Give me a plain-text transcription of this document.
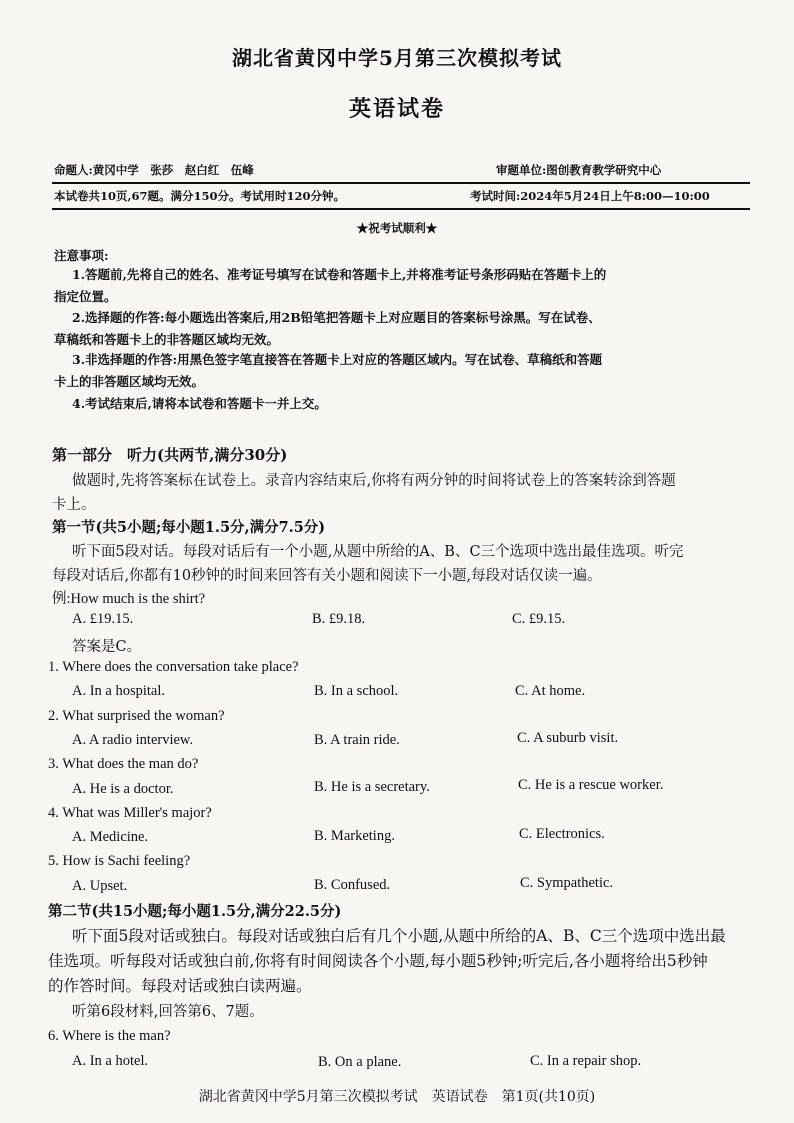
湖北省黄冈中学5月第三次模拟考试
英语试卷
命题人:黄冈中学　张莎　赵白红　伍峰	审题单位:图创教育教学研究中心
本试卷共10页,67题。满分150分。考试用时120分钟。	考试时间:2024年5月24日上午8:00—10:00
★祝考试顺利★
注意事项:
1.答题前,先将自己的姓名、准考证号填写在试卷和答题卡上,并将准考证号条形码贴在答题卡上的
指定位置。
2.选择题的作答:每小题选出答案后,用2B铅笔把答题卡上对应题目的答案标号涂黑。写在试卷、
草稿纸和答题卡上的非答题区域均无效。
3.非选择题的作答:用黑色签字笔直接答在答题卡上对应的答题区域内。写在试卷、草稿纸和答题
卡上的非答题区域均无效。
4.考试结束后,请将本试卷和答题卡一并上交。
第一部分　听力(共两节,满分30分)
做题时,先将答案标在试卷上。录音内容结束后,你将有两分钟的时间将试卷上的答案转涂到答题
卡上。
第一节(共5小题;每小题1.5分,满分7.5分)
听下面5段对话。每段对话后有一个小题,从题中所给的A、B、C三个选项中选出最佳选项。听完
每段对话后,你都有10秒钟的时间来回答有关小题和阅读下一小题,每段对话仅读一遍。
例:How much is the shirt?
A. £19.15.	B. £9.18.	C. £9.15.
答案是C。
1. Where does the conversation take place?
A. In a hospital.	B. In a school.	C. At home.
2. What surprised the woman?
A. A radio interview.	B. A train ride.	C. A suburb visit.
3. What does the man do?
A. He is a doctor.	B. He is a secretary.	C. He is a rescue worker.
4. What was Miller's major?
A. Medicine.	B. Marketing.	C. Electronics.
5. How is Sachi feeling?
A. Upset.	B. Confused.	C. Sympathetic.
第二节(共15小题;每小题1.5分,满分22.5分)
听下面5段对话或独白。每段对话或独白后有几个小题,从题中所给的A、B、C三个选项中选出最
佳选项。听每段对话或独白前,你将有时间阅读各个小题,每小题5秒钟;听完后,各小题将给出5秒钟
的作答时间。每段对话或独白读两遍。
听第6段材料,回答第6、7题。
6. Where is the man?
A. In a hotel.	B. On a plane.	C. In a repair shop.
湖北省黄冈中学5月第三次模拟考试　英语试卷　第1页(共10页)
